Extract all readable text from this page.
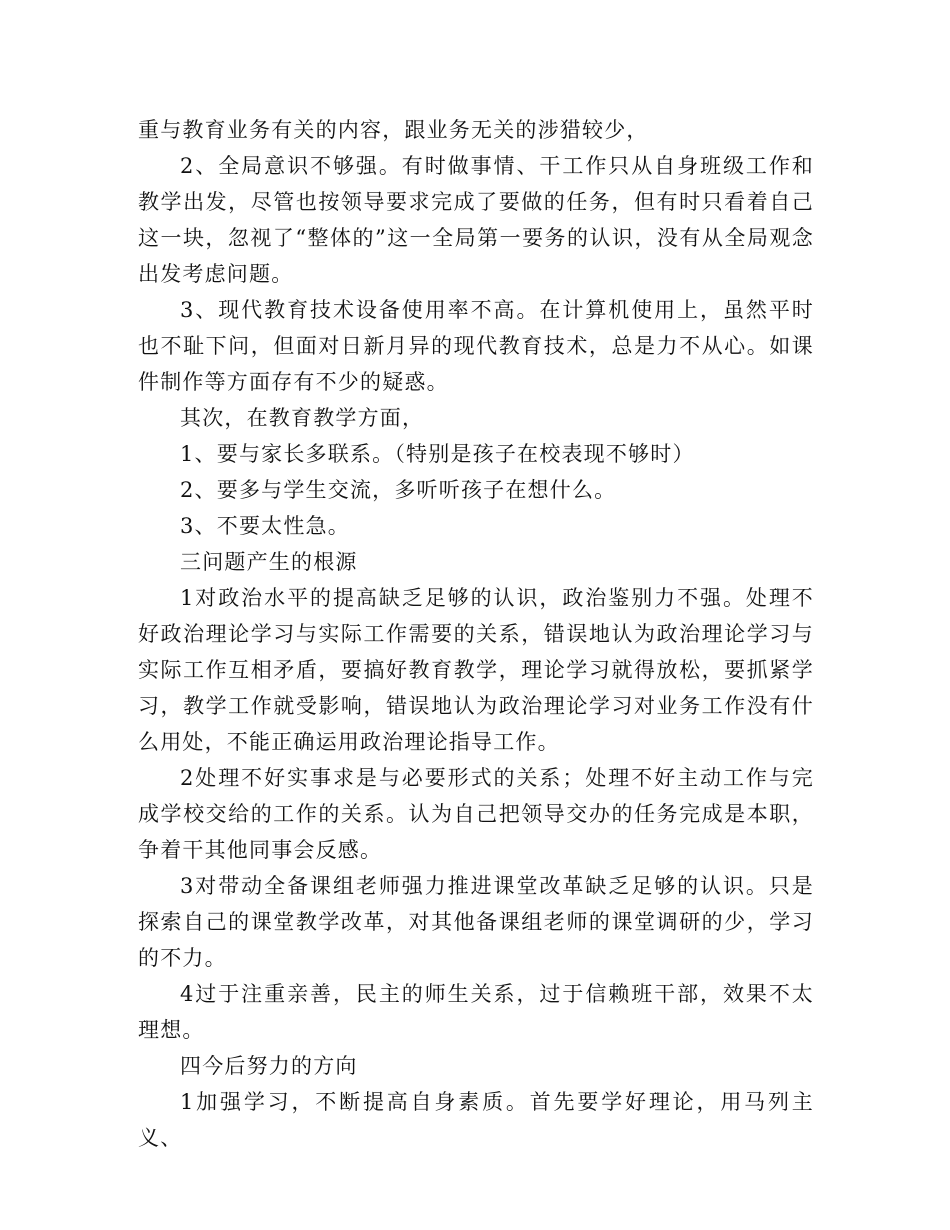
重与教育业务有关的内容，跟业务无关的涉猎较少，

2、全局意识不够强。有时做事情、干工作只从自身班级工作和教学出发，尽管也按领导要求完成了要做的任务，但有时只看着自己这一块，忽视了“整体的”这一全局第一要务的认识，没有从全局观念出发考虑问题。

3、现代教育技术设备使用率不高。在计算机使用上，虽然平时也不耻下问，但面对日新月异的现代教育技术，总是力不从心。如课件制作等方面存有不少的疑惑。

其次，在教育教学方面，

1、要与家长多联系。（特别是孩子在校表现不够时）

2、要多与学生交流，多听听孩子在想什么。

3、不要太性急。

三问题产生的根源

1对政治水平的提高缺乏足够的认识，政治鉴别力不强。处理不好政治理论学习与实际工作需要的关系，错误地认为政治理论学习与实际工作互相矛盾，要搞好教育教学，理论学习就得放松，要抓紧学习，教学工作就受影响，错误地认为政治理论学习对业务工作没有什么用处，不能正确运用政治理论指导工作。

2处理不好实事求是与必要形式的关系；处理不好主动工作与完成学校交给的工作的关系。认为自己把领导交办的任务完成是本职，争着干其他同事会反感。

3对带动全备课组老师强力推进课堂改革缺乏足够的认识。只是探索自己的课堂教学改革，对其他备课组老师的课堂调研的少，学习的不力。

4过于注重亲善，民主的师生关系，过于信赖班干部，效果不太理想。

四今后努力的方向

1加强学习，不断提高自身素质。首先要学好理论，用马列主义、
